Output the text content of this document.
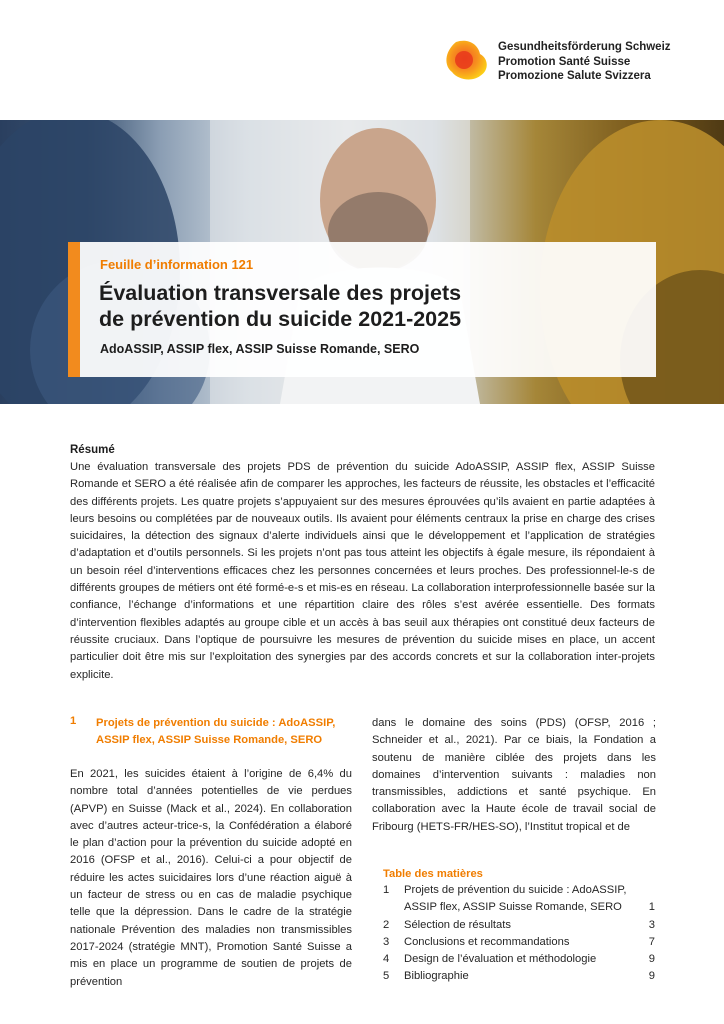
Gesundheitsförderung Schweiz
Promotion Santé Suisse
Promozione Salute Svizzera
Feuille d’information 121
Évaluation transversale des projets
de prévention du suicide 2021-2025
AdoASSIP, ASSIP flex, ASSIP Suisse Romande, SERO
Résumé

Une évaluation transversale des projets PDS de prévention du suicide AdoASSIP, ASSIP flex, ASSIP Suisse Romande et SERO a été réalisée afin de comparer les approches, les facteurs de réussite, les obstacles et l’efficacité des différents projets. Les quatre projets s’appuyaient sur des mesures éprouvées qu’ils avaient en partie adaptées à leurs besoins ou complétées par de nouveaux outils. Ils avaient pour éléments centraux la prise en charge des crises suicidaires, la détection des signaux d’alerte individuels ainsi que le développement et l’application de stratégies d’adaptation et d’outils personnels. Si les projets n’ont pas tous atteint les objectifs à égale mesure, ils répondaient à un besoin réel d’interventions efficaces chez les personnes concernées et leurs proches. Des professionnel-le-s de différents groupes de métiers ont été formé-e-s et mis-es en réseau. La collaboration interprofessionnelle basée sur la confiance, l’échange d’informations et une répartition claire des rôles s’est avérée essentielle. Des formats d’intervention flexibles adaptés au groupe cible et un accès à bas seuil aux thérapies ont constitué deux facteurs de réussite cruciaux. Dans l’optique de poursuivre les mesures de prévention du suicide mises en place, un accent particulier doit être mis sur l’exploitation des synergies par des accords concrets et sur la collaboration inter-projets explicite.

1 Projets de prévention du suicide : AdoASSIP, ASSIP flex, ASSIP Suisse Romande, SERO

En 2021, les suicides étaient à l’origine de 6,4% du nombre total d’années potentielles de vie perdues (APVP) en Suisse (Mack et al., 2024). En collaboration avec d’autres acteur-trice-s, la Confédération a élaboré le plan d’action pour la prévention du suicide adopté en 2016 (OFSP et al., 2016). Celui-ci a pour objectif de réduire les actes suicidaires lors d’une réaction aiguë à un facteur de stress ou en cas de maladie psychique telle que la dépression. Dans le cadre de la stratégie nationale Prévention des maladies non transmissibles 2017-2024 (stratégie MNT), Promotion Santé Suisse a mis en place un programme de soutien de projets de prévention

dans le domaine des soins (PDS) (OFSP, 2016 ; Schneider et al., 2021). Par ce biais, la Fondation a soutenu de manière ciblée des projets dans les domaines d’intervention suivants : maladies non transmissibles, addictions et santé psychique. En collaboration avec la Haute école de travail social de Fribourg (HETS-FR/HES-SO), l’Institut tropical et de

Table des matières
1 Projets de prévention du suicide : AdoASSIP, ASSIP flex, ASSIP Suisse Romande, SERO 1
2 Sélection de résultats	3
3 Conclusions et recommandations	7
4 Design de l’évaluation et méthodologie	9
5 Bibliographie	9
